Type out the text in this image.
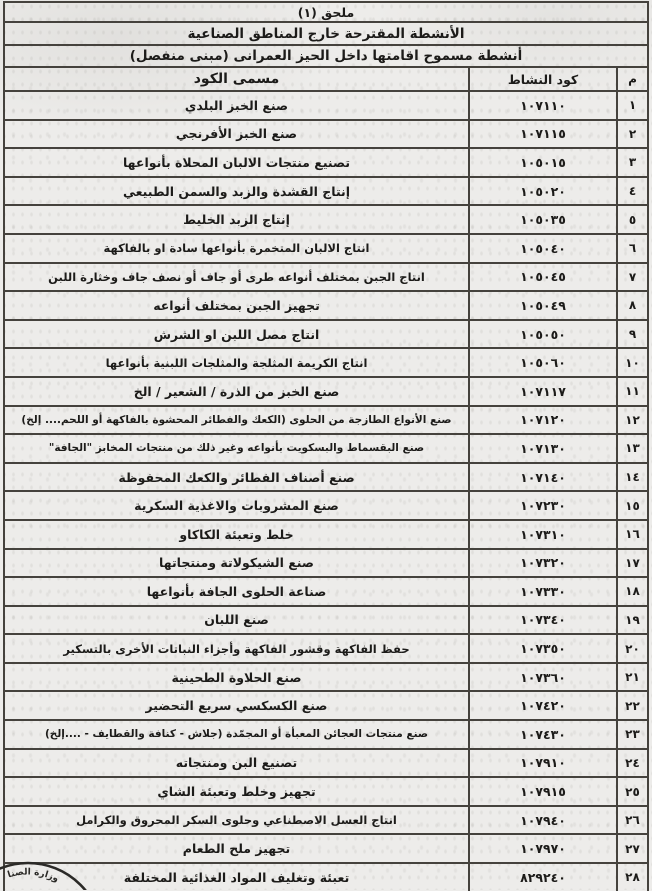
ملحق (١)
الأنشطة المقترحة خارج المناطق الصناعية
أنشطة مسموح اقامتها داخل الحيز العمرانى (مبنى منفصل)
م
كود النشاط
مسمى الكود
١
١٠٧١١٠
صنع الخبز البلدي
٢
١٠٧١١٥
صنع الخبز الأفرنجي
٣
١٠٥٠١٥
تصنيع منتجات الالبان المحلاة بأنواعها
٤
١٠٥٠٢٠
إنتاج القشدة والزبد والسمن الطبيعي
٥
١٠٥٠٣٥
إنتاج الزبد الخليط
٦
١٠٥٠٤٠
انتاج الالبان المتخمرة بأنواعها سادة او بالفاكهة
٧
١٠٥٠٤٥
انتاج الجبن بمختلف أنواعه طرى أو جاف أو نصف جاف وخثارة اللبن
٨
١٠٥٠٤٩
تجهيز الجبن بمختلف أنواعه
٩
١٠٥٠٥٠
انتاج مصل اللبن او الشرش
١٠
١٠٥٠٦٠
انتاج الكريمة المثلجة والمثلجات اللبنية بأنواعها
١١
١٠٧١١٧
صنع الخبز من الذرة / الشعير / الخ
١٢
١٠٧١٢٠
صنع الأنواع الطازجة من الحلوى (الكعك والفطائر المحشوة بالفاكهة أو اللحم.... إلخ)
١٣
١٠٧١٣٠
صنع البقسماط والبسكويت بأنواعه وغير ذلك من منتجات المخابز "الجافة"
١٤
١٠٧١٤٠
صنع أصناف الفطائر والكعك المحفوظة
١٥
١٠٧٢٣٠
صنع المشروبات والاغذية السكرية
١٦
١٠٧٣١٠
خلط وتعبئة الكاكاو
١٧
١٠٧٣٢٠
صنع الشيكولاتة ومنتجاتها
١٨
١٠٧٣٣٠
صناعة الحلوى الجافة بأنواعها
١٩
١٠٧٣٤٠
صنع اللبان
٢٠
١٠٧٣٥٠
حفظ الفاكهة وقشور الفاكهة وأجزاء النباتات الأخرى بالتسكير
٢١
١٠٧٣٦٠
صنع الحلاوة الطحينية
٢٢
١٠٧٤٢٠
صنع الكسكسي سريع التحضير
٢٣
١٠٧٤٣٠
صنع منتجات العجائن المعبأة أو المجمّدة (جلاش - كنافة والقطايف - ....إلخ)
٢٤
١٠٧٩١٠
تصنيع البن ومنتجاته
٢٥
١٠٧٩١٥
تجهيز وخلط وتعبئة الشاي
٢٦
١٠٧٩٤٠
انتاج العسل الاصطناعي وحلوى السكر المحروق والكرامل
٢٧
١٠٧٩٧٠
تجهيز ملح الطعام
٢٨
٨٢٩٢٤٠
تعبئة وتغليف المواد الغذائية المختلفة
وزارة الصنا
